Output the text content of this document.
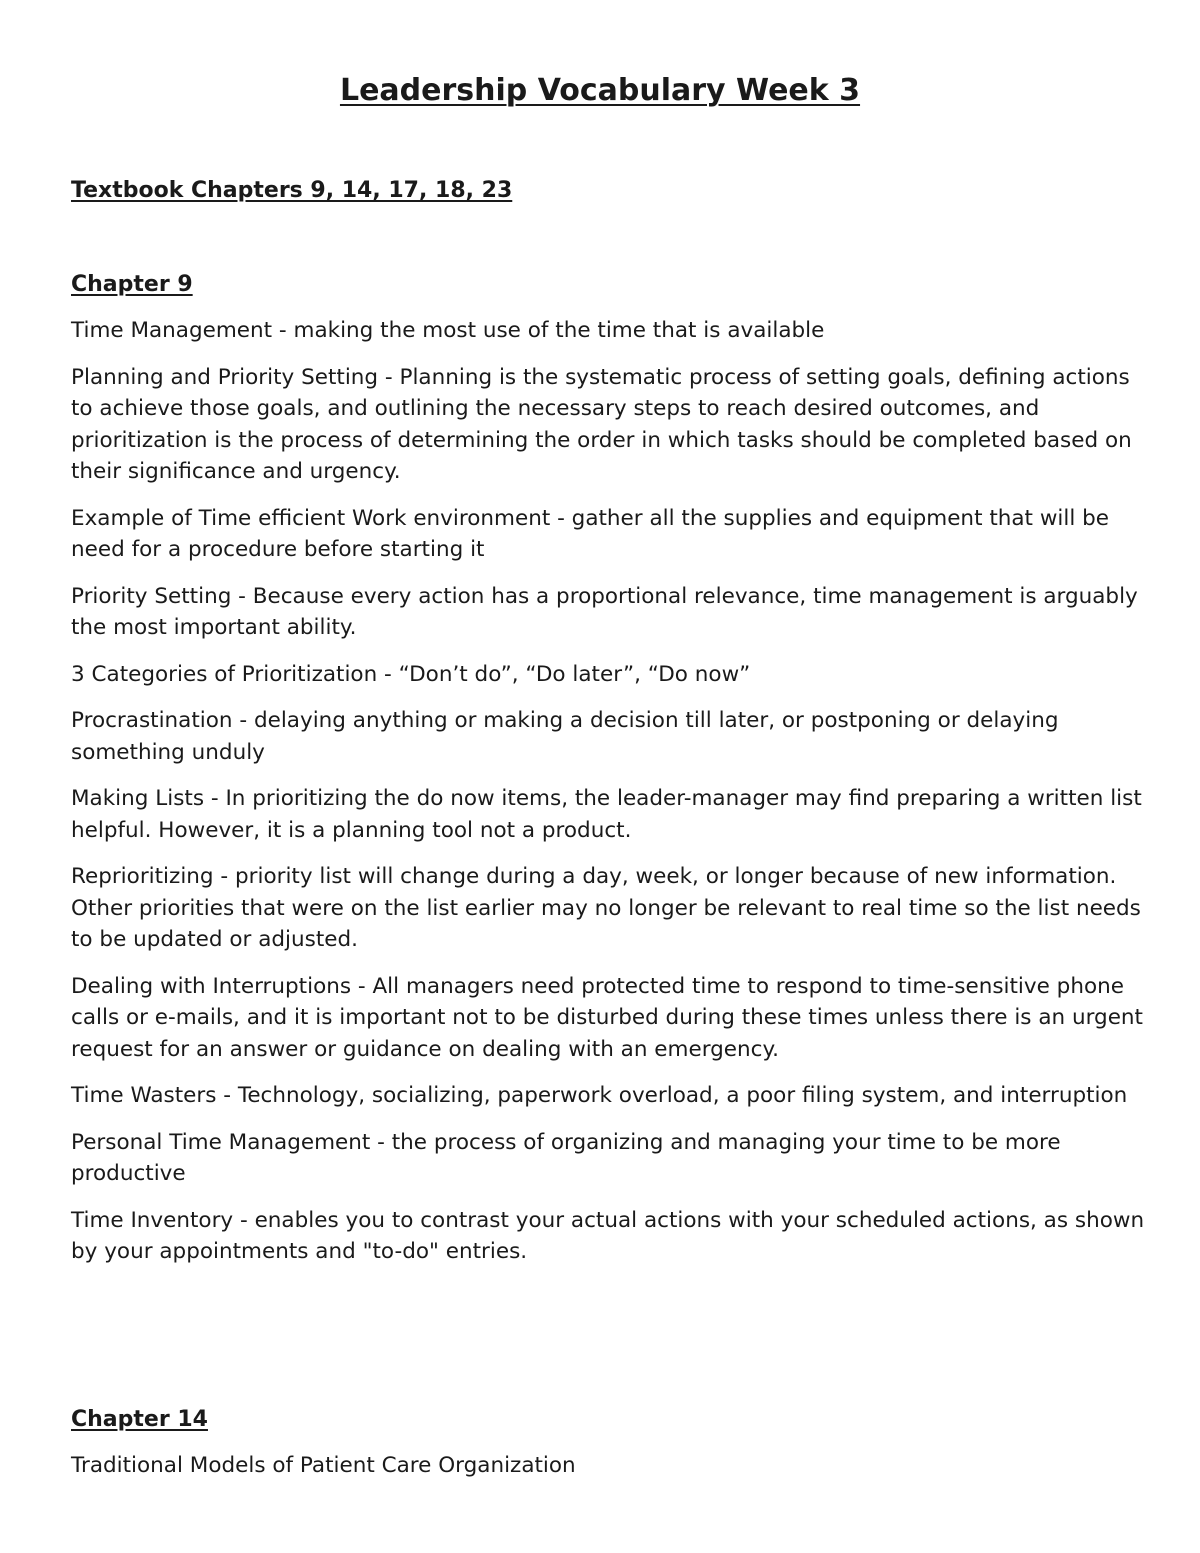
Leadership Vocabulary Week 3
Textbook Chapters 9, 14, 17, 18, 23
Chapter 9

Time Management - making the most use of the time that is available

Planning and Priority Setting - Planning is the systematic process of setting goals, defining actions to achieve those goals, and outlining the necessary steps to reach desired outcomes, and prioritization is the process of determining the order in which tasks should be completed based on their significance and urgency.

Example of Time efficient Work environment - gather all the supplies and equipment that will be need for a procedure before starting it

Priority Setting - Because every action has a proportional relevance, time management is arguably the most important ability.

3 Categories of Prioritization - “Don’t do”, “Do later”, “Do now”

Procrastination - delaying anything or making a decision till later, or postponing or delaying something unduly

Making Lists - In prioritizing the do now items, the leader-manager may find preparing a written list helpful. However, it is a planning tool not a product.

Reprioritizing - priority list will change during a day, week, or longer because of new information. Other priorities that were on the list earlier may no longer be relevant to real time so the list needs to be updated or adjusted.

Dealing with Interruptions - All managers need protected time to respond to time-sensitive phone calls or e-mails, and it is important not to be disturbed during these times unless there is an urgent request for an answer or guidance on dealing with an emergency.

Time Wasters - Technology, socializing, paperwork overload, a poor filing system, and interruption

Personal Time Management - the process of organizing and managing your time to be more productive

Time Inventory - enables you to contrast your actual actions with your scheduled actions, as shown by your appointments and "to-do" entries.

Chapter 14

Traditional Models of Patient Care Organization
